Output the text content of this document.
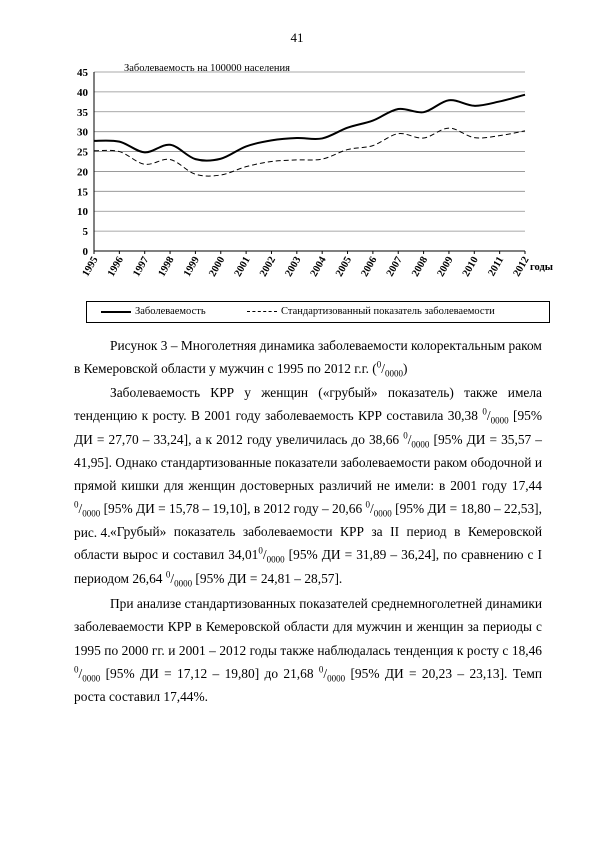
41
0
5
10
15
20
25
30
35
40
45
1995 1996 1997 1998 1999 2000 2001 2002 2003 2004 2005 2006 2007 2008 2009 2010 2011 2012
Заболеваемость на 100000 населения
годы
Заболеваемость	Стандартизованный показатель заболеваемости

Рисунок 3 – Многолетняя динамика заболеваемости колоректальным раком в Кемеровской области у мужчин с 1995 по 2012 г.г. $(^0/_{0000})$

Заболеваемость КРР у женщин («грубый» показатель) также имела тенденцию к росту. В 2001 году заболеваемость КРР составила 30,38 $^0/_{0000}$ [95% ДИ = 27,70 – 33,24], а к 2012 году увеличилась до 38,66 $^0/_{0000}$ [95% ДИ = 35,57 – 41,95]. Однако стандартизованные показатели заболеваемости раком ободочной и прямой кишки для женщин достоверных различий не имели: в 2001 году 17,44 $^0/_{0000}$ [95% ДИ = 15,78 – 19,10], в 2012 году – 20,66 $^0/_{0000}$ [95% ДИ = 18,80 – 22,53], рис. 4. «Грубый» показатель заболеваемости КРР за II период в Кемеровской области вырос и составил $34,01^0/_{0000}$ [95% ДИ = 31,89 – 36,24], по сравнению с I периодом 26,64 $^0/_{0000}$ [95% ДИ = 24,81 – 28,57].

При анализе стандартизованных показателей среднемноголетней динамики заболеваемости КРР в Кемеровской области для мужчин и женщин за периоды с 1995 по 2000 гг. и 2001 – 2012 годы также наблюдалась тенденция к росту с 18,46 $^0/_{0000}$ [95% ДИ = 17,12 – 19,80] до 21,68 $^0/_{0000}$ [95% ДИ = 20,23 – 23,13]. Темп роста составил 17,44%.
